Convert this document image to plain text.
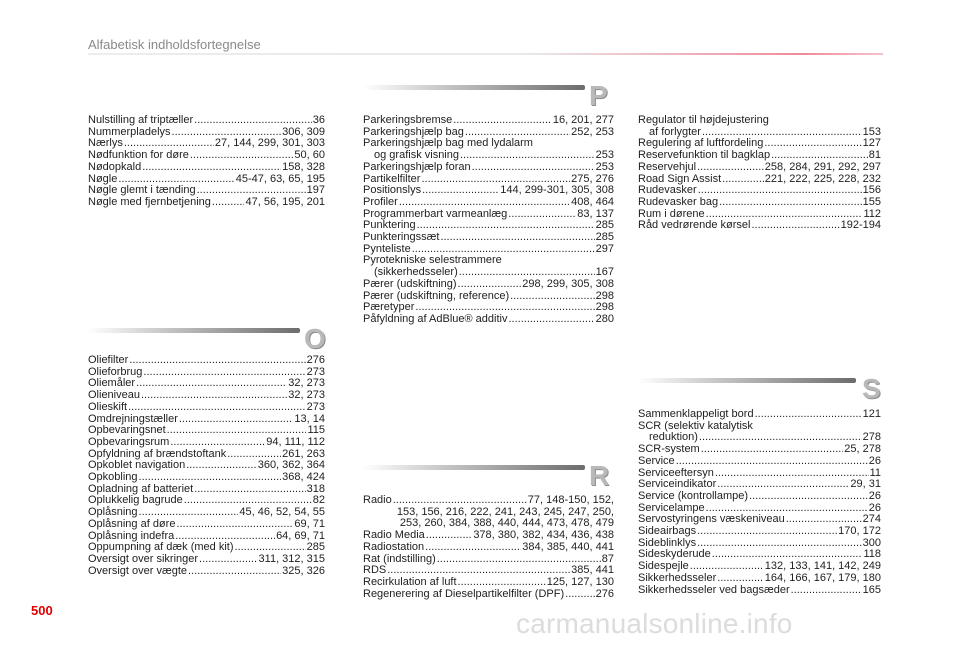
Alfabetisk indholdsfortegnelse
Nulstilling af triptæller .....	36
Nummerpladelys .....	306, 309
Nærlys .....	27, 144, 299, 301, 303
Nødfunktion for døre .....	50, 60
Nødopkald .....	158, 328
Nøgle .....	45-47, 63, 65, 195
Nøgle glemt i tænding .....	197
Nøgle med fjernbetjening .....	47, 56, 195, 201
O
Oliefilter .....	276
Olieforbrug .....	273
Oliemåler .....	32, 273
Olieniveau .....	32, 273
Olieskift .....	273
Omdrejningstæller .....	13, 14
Opbevaringsnet .....	115
Opbevaringsrum .....	94, 111, 112
Opfyldning af brændstoftank .....	261, 263
Opkoblet navigation .....	360, 362, 364
Opkobling .....	368, 424
Opladning af batteriet .....	318
Oplukkelig bagrude .....	82
Oplåsning .....	45, 46, 52, 54, 55
Oplåsning af døre .....	69, 71
Oplåsning indefra .....	64, 69, 71
Oppumpning af dæk (med kit) .....	285
Oversigt over sikringer .....	311, 312, 315
Oversigt over vægte .....	325, 326
P
Parkeringsbremse .....	16, 201, 277
Parkeringshjælp bag .....	252, 253
Parkeringshjælp bag med lydalarm
og grafisk visning .....	253
Parkeringshjælp foran .....	253
Partikelfilter .....	275, 276
Positionslys .....	144, 299-301, 305, 308
Profiler .....	408, 464
Programmerbart varmeanlæg .....	83, 137
Punktering .....	285
Punkteringssæt .....	285
Pynteliste .....	297
Pyrotekniske selestrammere
(sikkerhedsseler) .....	167
Pærer (udskiftning) .....	298, 299, 305, 308
Pærer (udskiftning, reference) .....	298
Pæretyper .....	298
Påfyldning af AdBlue® additiv .....	280
R
Radio .....	77, 148-150, 152,
153, 156, 216, 222, 241, 243, 245, 247, 250,
253, 260, 384, 388, 440, 444, 473, 478, 479
Radio Media .....	378, 380, 382, 434, 436, 438
Radiostation .....	384, 385, 440, 441
Rat (indstilling) .....	87
RDS .....	385, 441
Recirkulation af luft .....	125, 127, 130
Regenerering af Dieselpartikelfilter (DPF) .....	276
Regulator til højdejustering
af forlygter .....	153
Regulering af luftfordeling .....	127
Reservefunktion til bagklap .....	81
Reservehjul .....	258, 284, 291, 292, 297
Road Sign Assist .....	221, 222, 225, 228, 232
Rudevasker .....	156
Rudevasker bag .....	155
Rum i dørene .....	112
Råd vedrørende kørsel .....	192-194
S
Sammenklappeligt bord .....	121
SCR (selektiv katalytisk
reduktion) .....	278
SCR-system .....	25, 278
Service .....	26
Serviceeftersyn .....	11
Serviceindikator .....	29, 31
Service (kontrollampe) .....	26
Servicelampe .....	26
Servostyringens væskeniveau .....	274
Sideairbags .....	170, 172
Sideblinklys .....	300
Sideskyderude .....	118
Sidespejle .....	132, 133, 141, 142, 249
Sikkerhedsseler .....	164, 166, 167, 179, 180
Sikkerhedsseler ved bagsæder .....	165
500	carmanualsonline.info
